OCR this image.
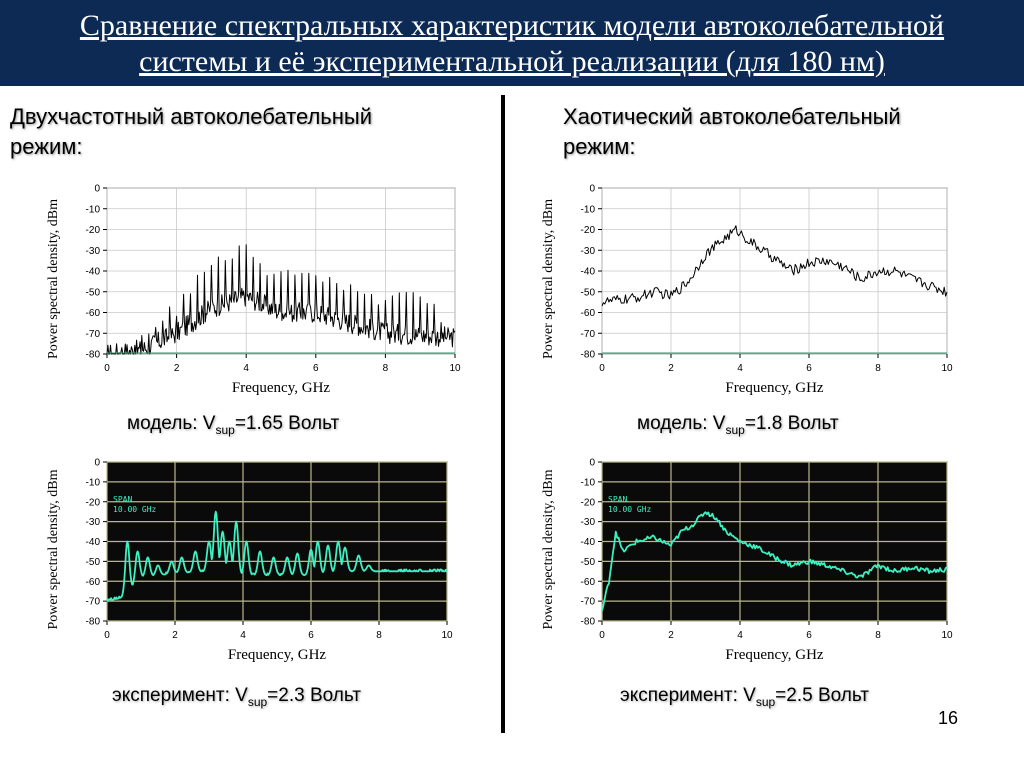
Сравнение спектральных характеристик модели автоколебательной
системы и её экспериментальной реализации (для 180 нм)
Двухчастотный автоколебательный
режим:
Хаотический автоколебательный
режим:
0
-10
-20
-30
-40
-50
-60
-70
-80
0	2	4	6	8	10
Frequency, GHz
Power spectral density, dBm
0
-10
-20
-30
-40
-50
-60
-70
-80
0	2	4	6	8	10
Frequency, GHz
Power spectral density, dBm
0
-10
-20
-30
-40
-50
-60
-70
-80
0	2	4	6	8	10
Frequency, GHz
Power spectral density, dBm	SPAN
10.00 GHz
0
-10
-20
-30
-40
-50
-60
-70
-80
0	2	4	6	8	10
Frequency, GHz
Power spectral density, dBm	SPAN
10.00 GHz
модель: $V_{sup}=1.65$ Вольт	модель: $V_{sup}=1.8$ Вольт
эксперимент: $V_{sup}=2.3$ Вольт	эксперимент: $V_{sup}=2.5$ Вольт
16
